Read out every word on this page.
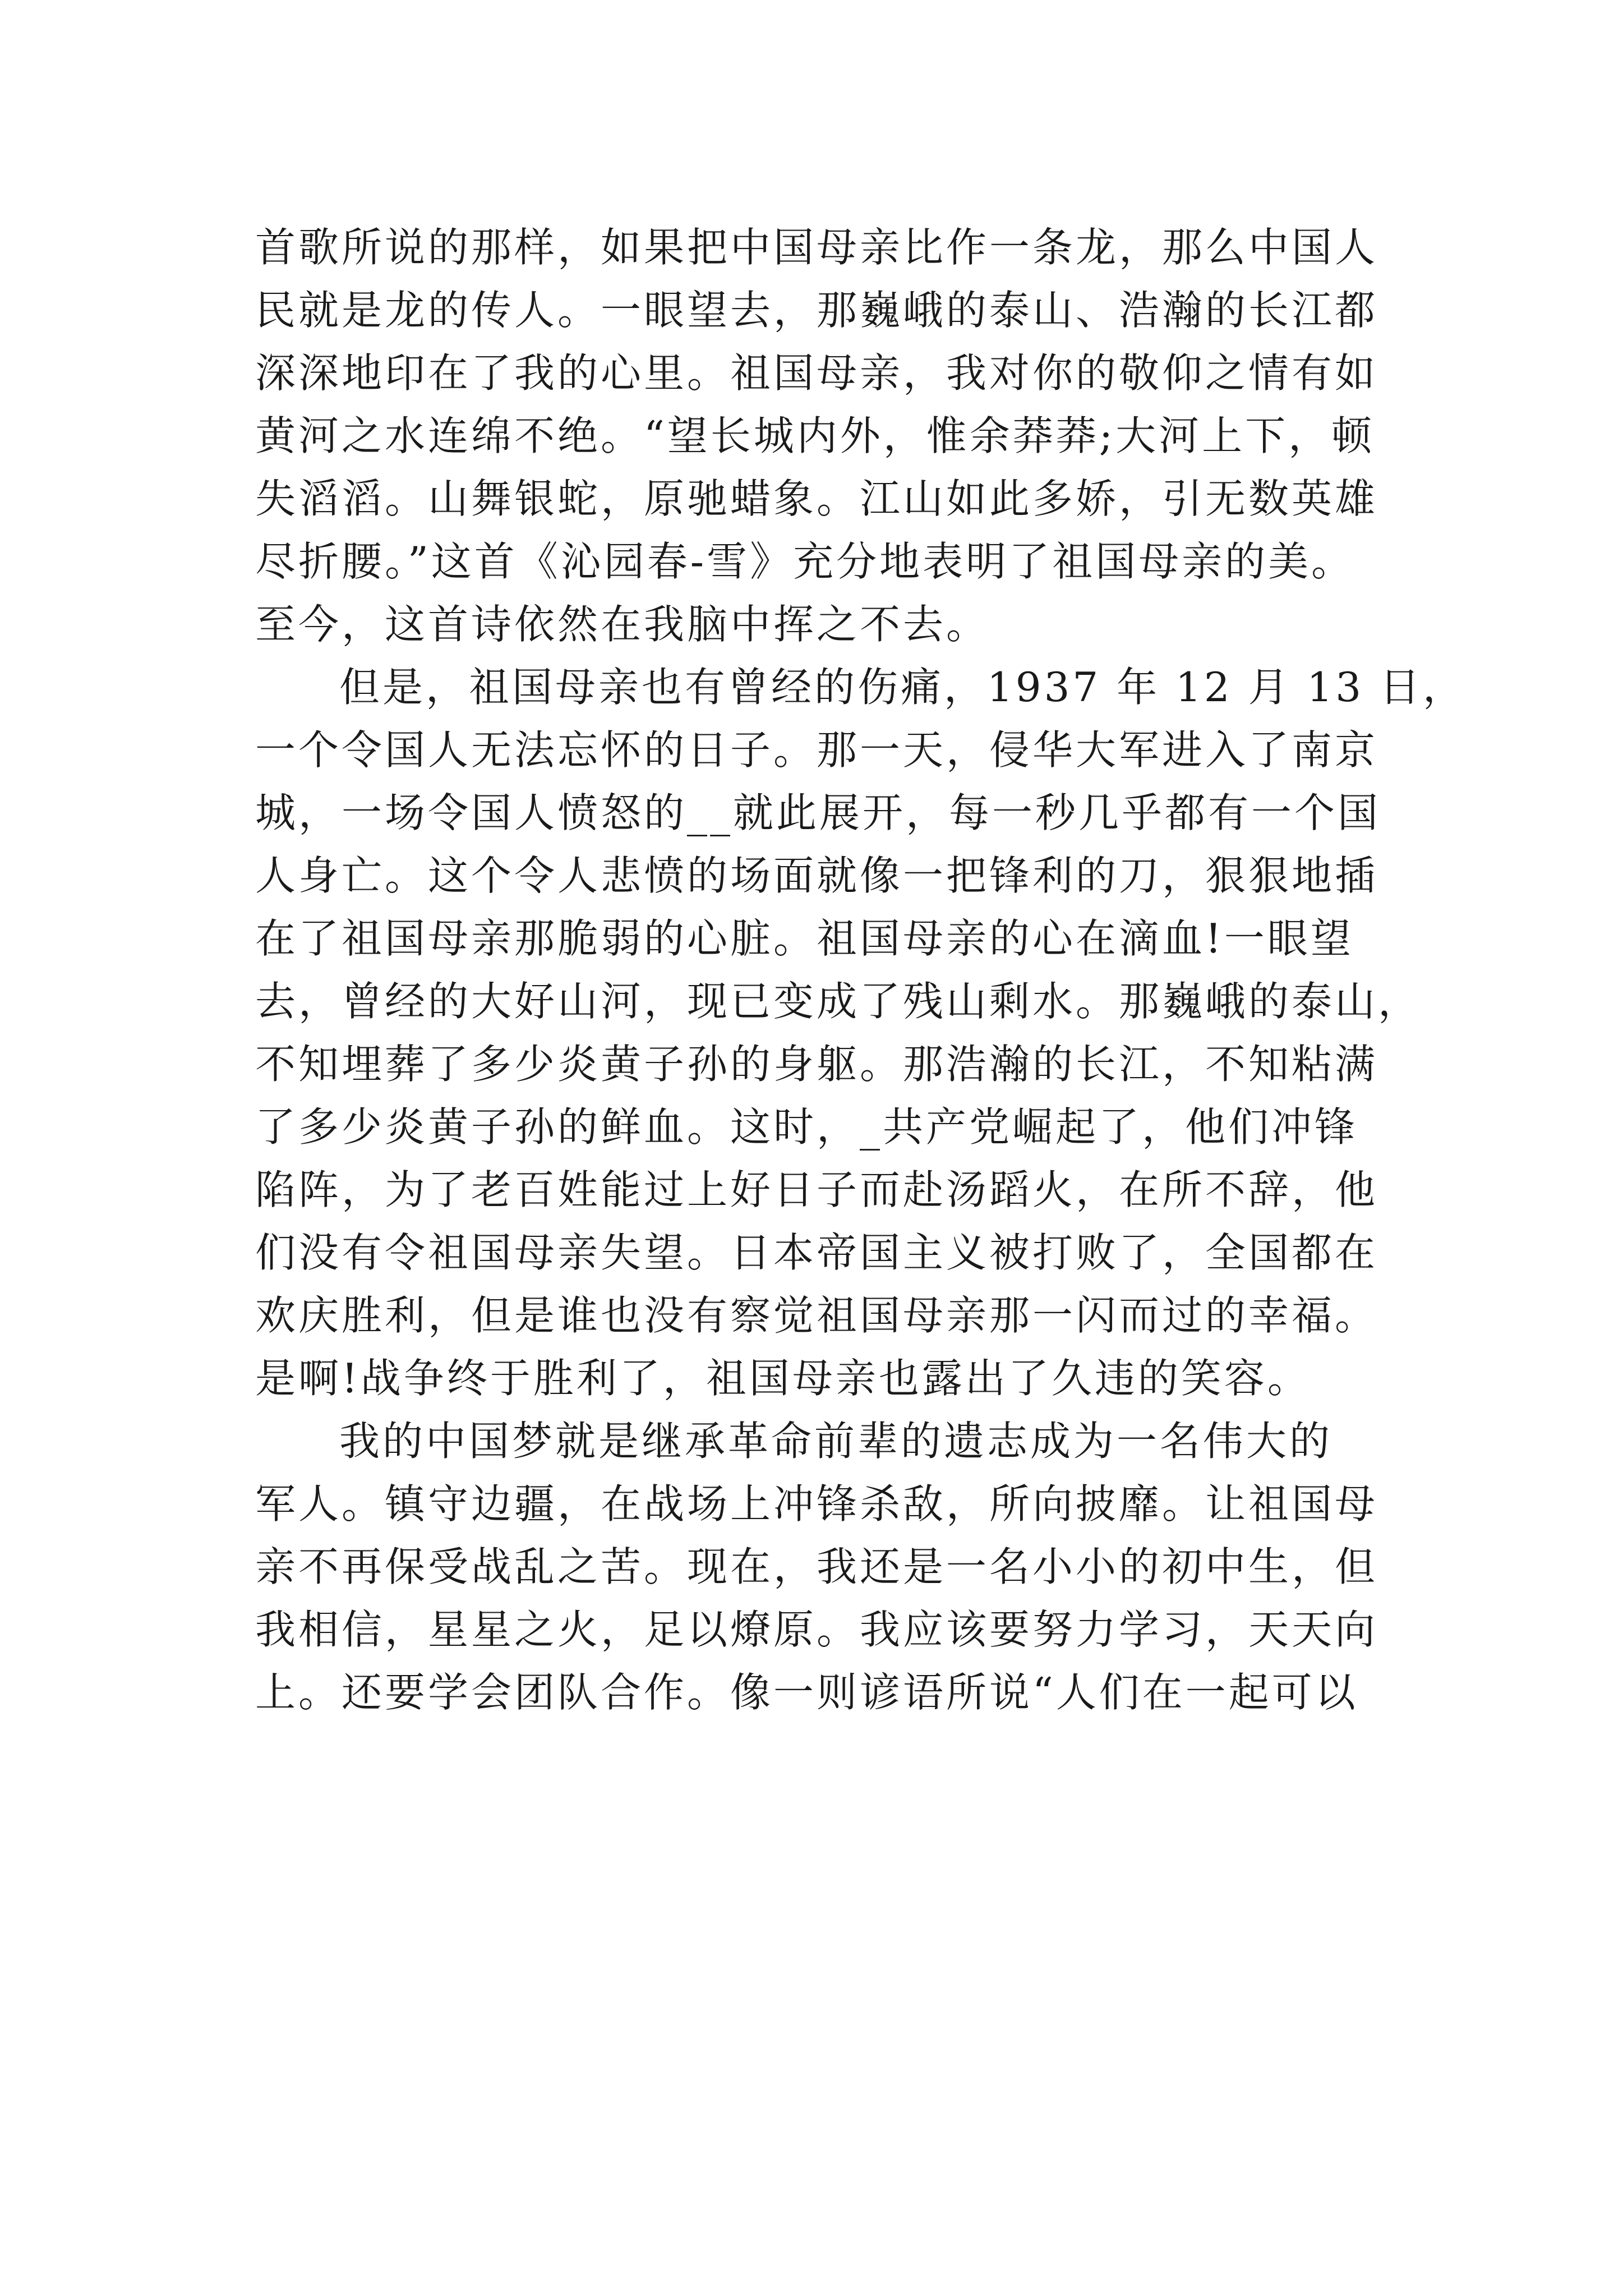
首歌所说的那样，如果把中国母亲比作一条龙，那么中国人
民就是龙的传人。一眼望去，那巍峨的泰山、浩瀚的长江都
深深地印在了我的心里。祖国母亲，我对你的敬仰之情有如
黄河之水连绵不绝。“望长城内外，惟余莽莽;大河上下，顿
失滔滔。山舞银蛇，原驰蜡象。江山如此多娇，引无数英雄
尽折腰。”这首《沁园春-雪》充分地表明了祖国母亲的美。
至今，这首诗依然在我脑中挥之不去。
但是，祖国母亲也有曾经的伤痛，1937 年 12 月 13 日，
一个令国人无法忘怀的日子。那一天，侵华大军进入了南京
城，一场令国人愤怒的__就此展开，每一秒几乎都有一个国
人身亡。这个令人悲愤的场面就像一把锋利的刀，狠狠地插
在了祖国母亲那脆弱的心脏。祖国母亲的心在滴血!一眼望
去，曾经的大好山河，现已变成了残山剩水。那巍峨的泰山，
不知埋葬了多少炎黄子孙的身躯。那浩瀚的长江，不知粘满
了多少炎黄子孙的鲜血。这时，_共产党崛起了，他们冲锋
陷阵，为了老百姓能过上好日子而赴汤蹈火，在所不辞，他
们没有令祖国母亲失望。日本帝国主义被打败了，全国都在
欢庆胜利，但是谁也没有察觉祖国母亲那一闪而过的幸福。
是啊!战争终于胜利了，祖国母亲也露出了久违的笑容。
我的中国梦就是继承革命前辈的遗志成为一名伟大的
军人。镇守边疆，在战场上冲锋杀敌，所向披靡。让祖国母
亲不再保受战乱之苦。现在，我还是一名小小的初中生，但
我相信，星星之火，足以燎原。我应该要努力学习，天天向
上。还要学会团队合作。像一则谚语所说“人们在一起可以
